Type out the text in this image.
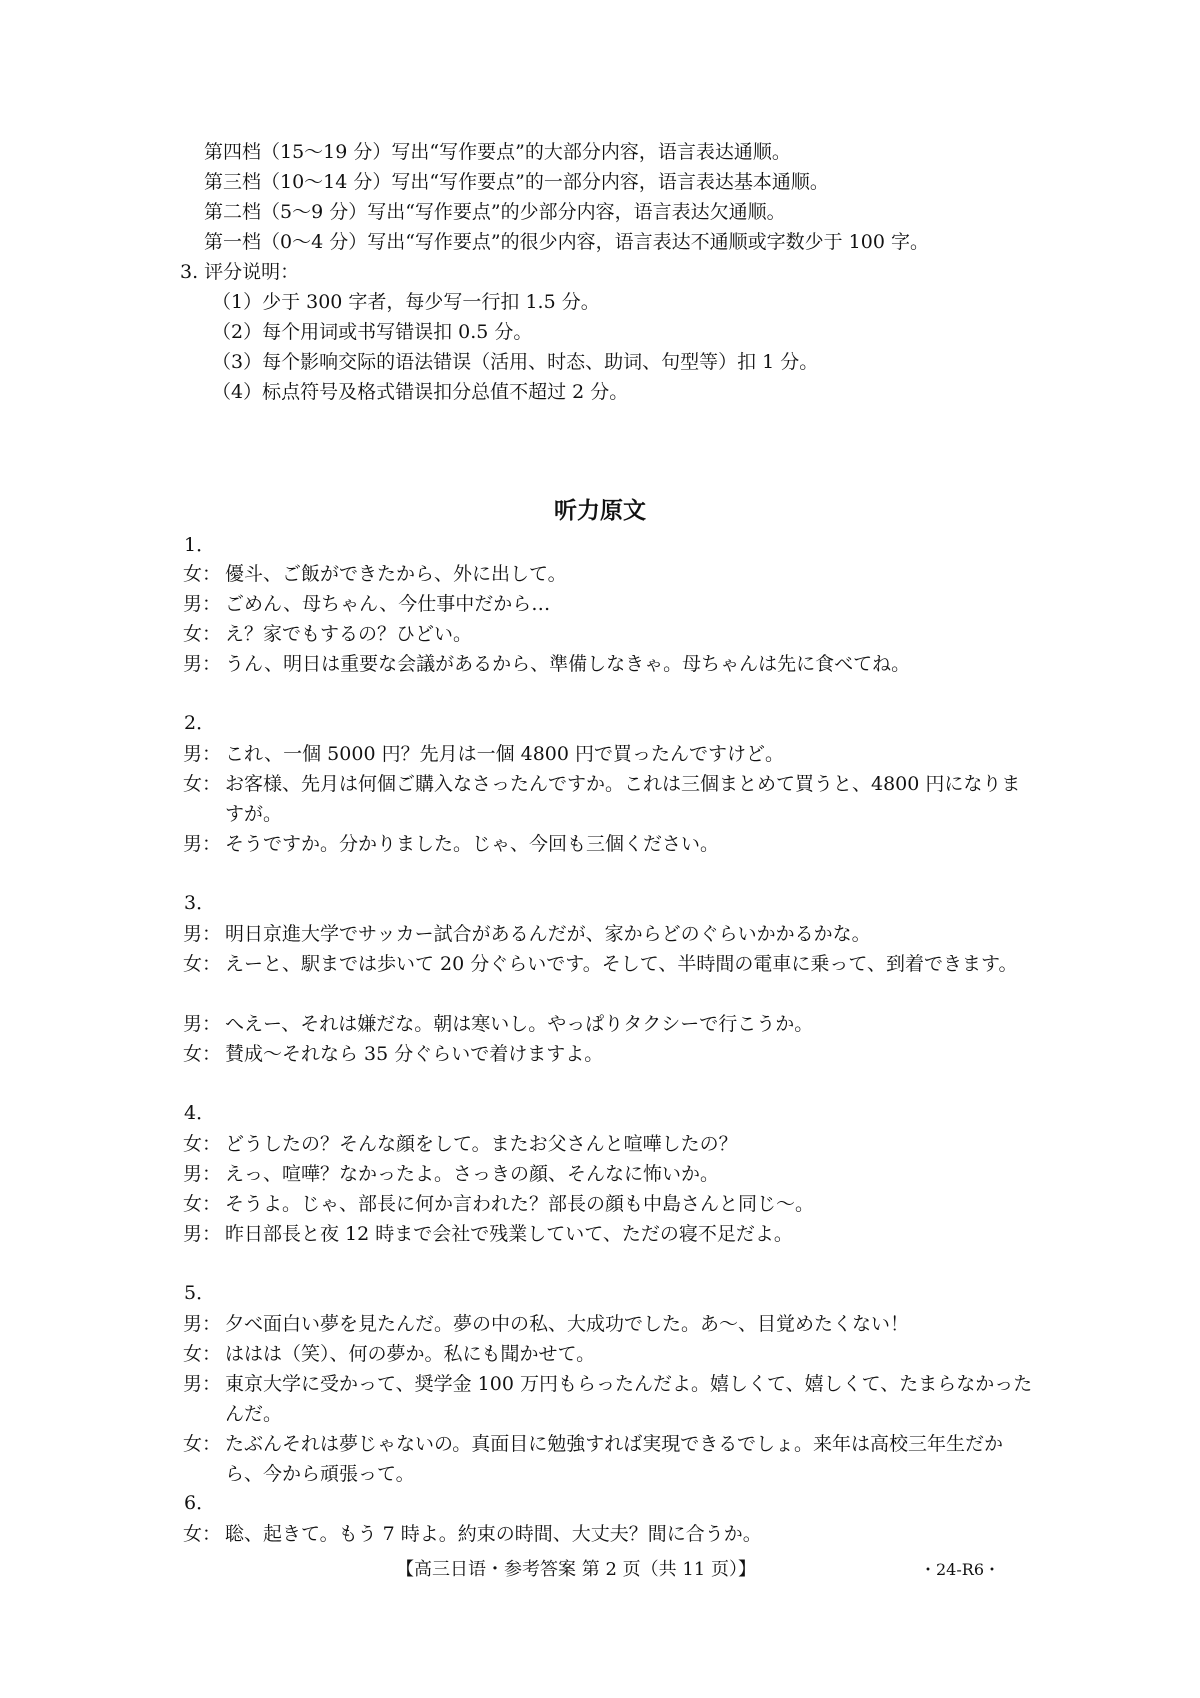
第四档（15～19 分）写出“写作要点”的大部分内容，语言表达通顺。
第三档（10～14 分）写出“写作要点”的一部分内容，语言表达基本通顺。
第二档（5～9 分）写出“写作要点”的少部分内容，语言表达欠通顺。
第一档（0～4 分）写出“写作要点”的很少内容，语言表达不通顺或字数少于 100 字。
3. 评分说明：
（1）少于 300 字者，每少写一行扣 1.5 分。
（2）每个用词或书写错误扣 0.5 分。
（3）每个影响交际的语法错误（活用、时态、助词、句型等）扣 1 分。
（4）标点符号及格式错误扣分总值不超过 2 分。
听力原文
1．
女： 優斗、ご飯ができたから、外に出して。
男： ごめん、母ちゃん、今仕事中だから…
女： え？家でもするの？ひどい。
男： うん、明日は重要な会議があるから、準備しなきゃ。母ちゃんは先に食べてね。
2．
男： これ、一個 5000 円？先月は一個 4800 円で買ったんですけど。
女： お客様、先月は何個ご購入なさったんですか。これは三個まとめて買うと、4800 円になりますが。
男： そうですか。分かりました。じゃ、今回も三個ください。
3．
男： 明日京進大学でサッカー試合があるんだが、家からどのぐらいかかるかな。
女： えーと、駅までは歩いて 20 分ぐらいです。そして、半時間の電車に乗って、到着できます。
男： へえー、それは嫌だな。朝は寒いし。やっぱりタクシーで行こうか。
女： 賛成～それなら 35 分ぐらいで着けますよ。
4．
女： どうしたの？そんな顔をして。またお父さんと喧嘩したの？
男： えっ、喧嘩？なかったよ。さっきの顔、そんなに怖いか。
女： そうよ。じゃ、部長に何か言われた？部長の顔も中島さんと同じ～。
男： 昨日部長と夜 12 時まで会社で残業していて、ただの寝不足だよ。
5．
男： 夕べ面白い夢を見たんだ。夢の中の私、大成功でした。あ～、目覚めたくない！
女： ははは（笑）、何の夢か。私にも聞かせて。
男： 東京大学に受かって、奨学金 100 万円もらったんだよ。嬉しくて、嬉しくて、たまらなかったんだ。
女： たぶんそれは夢じゃないの。真面目に勉強すれば実現できるでしょ。来年は高校三年生だから、今から頑張って。
6．
女： 聡、起きて。もう 7 時よ。約束の時間、大丈夫？間に合うか。
【高三日语・参考答案 第 2 页（共 11 页）】	・24-R6・
